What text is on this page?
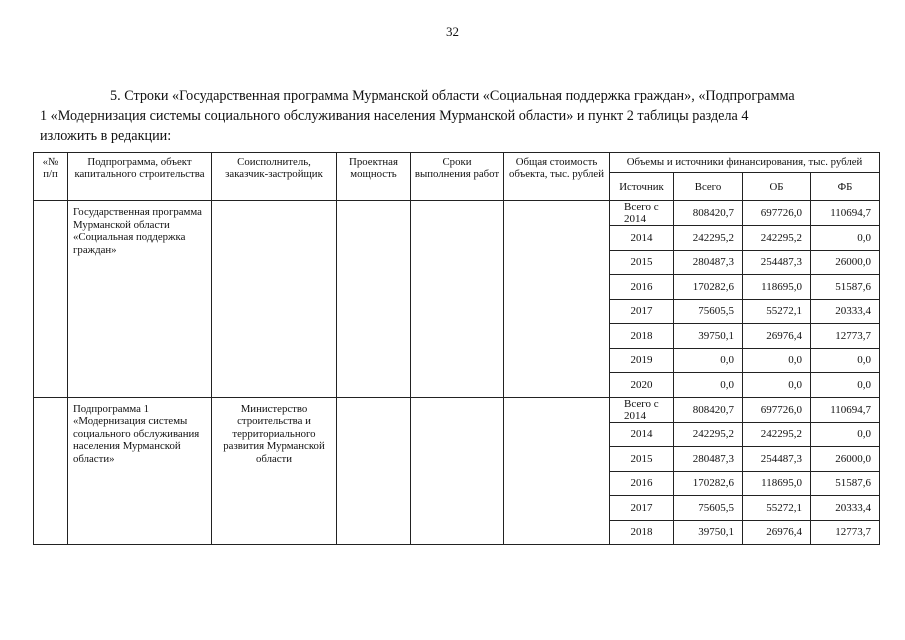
32
5. Строки «Государственная программа Мурманской области «Социальная поддержка граждан», «Подпрограмма
1 «Модернизация системы социального обслуживания населения Мурманской области» и пункт 2 таблицы раздела 4
изложить в редакции:
«№ п/п	Подпрограмма, объект капитального строительства	Соисполнитель, заказчик-застройщик	Проектная мощность	Сроки выполнения работ	Общая стоимость объекта, тыс. рублей	Объемы и источники финансирования, тыс. рублей			
						Источник	Всего	ОБ	ФБ
	Государственная программа Мурманской области «Социальная поддержка граждан»					Всего с 2014	808420,7	697726,0	110694,7
						2014	242295,2	242295,2	0,0
						2015	280487,3	254487,3	26000,0
						2016	170282,6	118695,0	51587,6
						2017	75605,5	55272,1	20333,4
						2018	39750,1	26976,4	12773,7
						2019	0,0	0,0	0,0
						2020	0,0	0,0	0,0
	Подпрограмма 1 «Модернизация системы социального обслуживания населения Мурманской области»	Министерство строительства и территориального развития Мурманской области				Всего с 2014	808420,7	697726,0	110694,7
						2014	242295,2	242295,2	0,0
						2015	280487,3	254487,3	26000,0
						2016	170282,6	118695,0	51587,6
						2017	75605,5	55272,1	20333,4
						2018	39750,1	26976,4	12773,7
